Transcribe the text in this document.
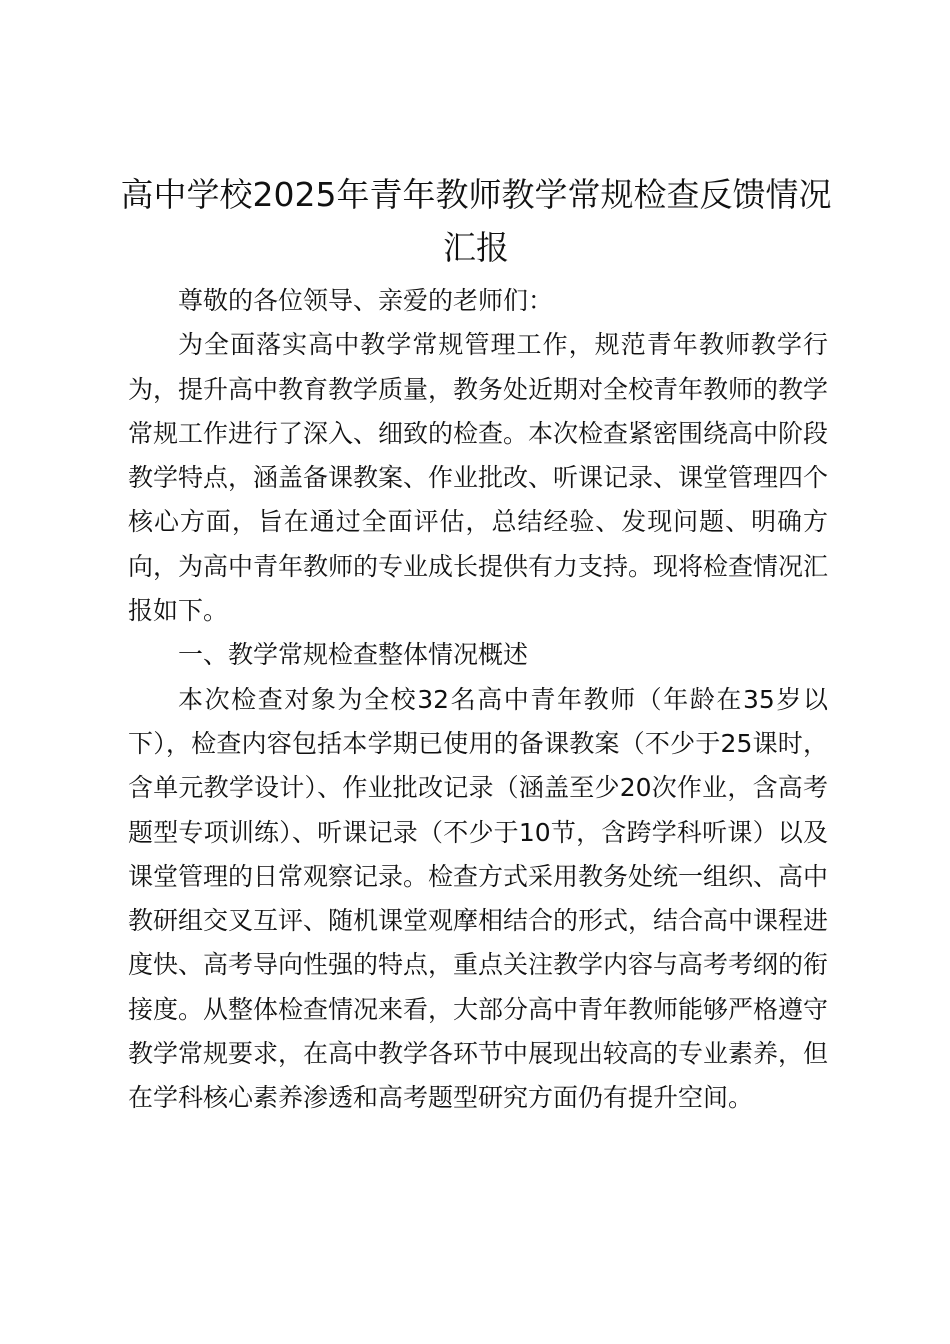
高中学校2025年青年教师教学常规检查反馈情况汇报

尊敬的各位领导、亲爱的老师们：

为全面落实高中教学常规管理工作，规范青年教师教学行为，提升高中教育教学质量，教务处近期对全校青年教师的教学常规工作进行了深入、细致的检查。本次检查紧密围绕高中阶段教学特点，涵盖备课教案、作业批改、听课记录、课堂管理四个核心方面，旨在通过全面评估，总结经验、发现问题、明确方向，为高中青年教师的专业成长提供有力支持。现将检查情况汇报如下。

一、教学常规检查整体情况概述

本次检查对象为全校32名高中青年教师（年龄在35岁以下），检查内容包括本学期已使用的备课教案（不少于25课时，含单元教学设计）、作业批改记录（涵盖至少20次作业，含高考题型专项训练）、听课记录（不少于10节，含跨学科听课）以及课堂管理的日常观察记录。检查方式采用教务处统一组织、高中教研组交叉互评、随机课堂观摩相结合的形式，结合高中课程进度快、高考导向性强的特点，重点关注教学内容与高考考纲的衔接度。从整体检查情况来看，大部分高中青年教师能够严格遵守教学常规要求，在高中教学各环节中展现出较高的专业素养，但在学科核心素养渗透和高考题型研究方面仍有提升空间。
